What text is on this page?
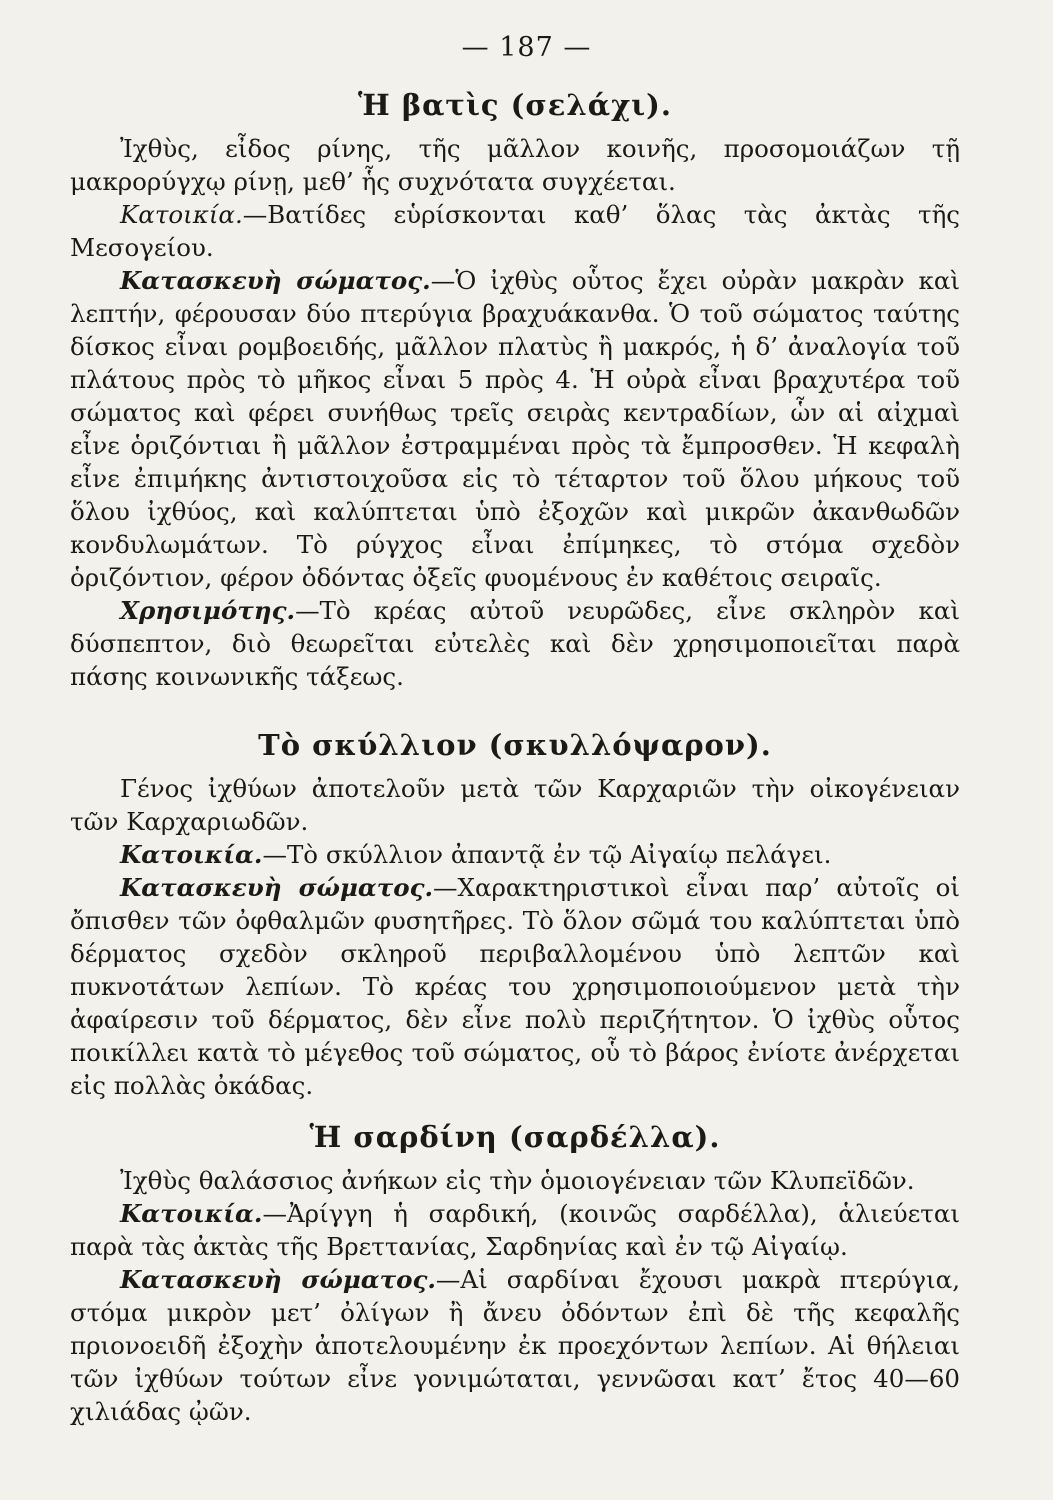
— 187 —
Ἡ βατὶς (σελάχι).

Ἰχθὺς, εἶδος ρίνης, τῆς μᾶλλον κοινῆς, προσομοιάζων τῇ μακρορύγχῳ ρίνῃ, μεθ’ ἧς συχνότατα συγχέεται.

Κατοικία.—Βατίδες εὑρίσκονται καθ’ ὅλας τὰς ἀκτὰς τῆς Μεσογείου.

Κατασκευὴ σώματος.—Ὁ ἰχθὺς οὗτος ἔχει οὐρὰν μακρὰν καὶ λεπτήν, φέρουσαν δύο πτερύγια βραχυάκανθα. Ὁ τοῦ σώματος ταύτης δίσκος εἶναι ρομβοειδής, μᾶλλον πλατὺς ἢ μακρός, ἡ δ’ ἀναλογία τοῦ πλάτους πρὸς τὸ μῆκος εἶναι 5 πρὸς 4. Ἡ οὐρὰ εἶναι βραχυτέρα τοῦ σώματος καὶ φέρει συνήθως τρεῖς σειρὰς κεντραδίων, ὧν αἱ αἰχμαὶ εἶνε ὁριζόντιαι ἢ μᾶλλον ἐστραμμέναι πρὸς τὰ ἔμπροσθεν. Ἡ κεφαλὴ εἶνε ἐπιμήκης ἀντιστοιχοῦσα εἰς τὸ τέταρτον τοῦ ὅλου μήκους τοῦ ὅλου ἰχθύος, καὶ καλύπτεται ὑπὸ ἐξοχῶν καὶ μικρῶν ἀκανθωδῶν κονδυλωμάτων. Τὸ ρύγχος εἶναι ἐπίμηκες, τὸ στόμα σχεδὸν ὁριζόντιον, φέρον ὀδόντας ὀξεῖς φυομένους ἐν καθέτοις σειραῖς.

Χρησιμότης.—Τὸ κρέας αὐτοῦ νευρῶδες, εἶνε σκληρὸν καὶ δύσπεπτον, διὸ θεωρεῖται εὐτελὲς καὶ δὲν χρησιμοποιεῖται παρὰ πάσης κοινωνικῆς τάξεως.

Τὸ σκύλλιον (σκυλλόψαρον).

Γένος ἰχθύων ἀποτελοῦν μετὰ τῶν Καρχαριῶν τὴν οἰκογένειαν τῶν Καρχαριωδῶν.

Κατοικία.—Τὸ σκύλλιον ἀπαντᾷ ἐν τῷ Αἰγαίῳ πελάγει.

Κατασκευὴ σώματος.—Χαρακτηριστικοὶ εἶναι παρ’ αὐτοῖς οἱ ὄπισθεν τῶν ὀφθαλμῶν φυσητῆρες. Τὸ ὅλον σῶμά του καλύπτεται ὑπὸ δέρματος σχεδὸν σκληροῦ περιβαλλομένου ὑπὸ λεπτῶν καὶ πυκνοτάτων λεπίων. Τὸ κρέας του χρησιμοποιούμενον μετὰ τὴν ἀφαίρεσιν τοῦ δέρματος, δὲν εἶνε πολὺ περιζήτητον. Ὁ ἰχθὺς οὗτος ποικίλλει κατὰ τὸ μέγεθος τοῦ σώματος, οὗ τὸ βάρος ἐνίοτε ἀνέρχεται εἰς πολλὰς ὀκάδας.

Ἡ σαρδίνη (σαρδέλλα).

Ἰχθὺς θαλάσσιος ἀνήκων εἰς τὴν ὁμοιογένειαν τῶν Κλυπεϊδῶν.

Κατοικία.—Ἀρίγγη ἡ σαρδική, (κοινῶς σαρδέλλα), ἁλιεύεται παρὰ τὰς ἀκτὰς τῆς Βρεττανίας, Σαρδηνίας καὶ ἐν τῷ Αἰγαίῳ.

Κατασκευὴ σώματος.—Αἱ σαρδίναι ἔχουσι μακρὰ πτερύγια, στόμα μικρὸν μετ’ ὀλίγων ἢ ἄνευ ὀδόντων ἐπὶ δὲ τῆς κεφαλῆς πριονοειδῆ ἐξοχὴν ἀποτελουμένην ἐκ προεχόντων λεπίων. Αἱ θήλειαι τῶν ἰχθύων τούτων εἶνε γονιμώταται, γεννῶσαι κατ’ ἔτος 40—60 χιλιάδας ᾠῶν.
